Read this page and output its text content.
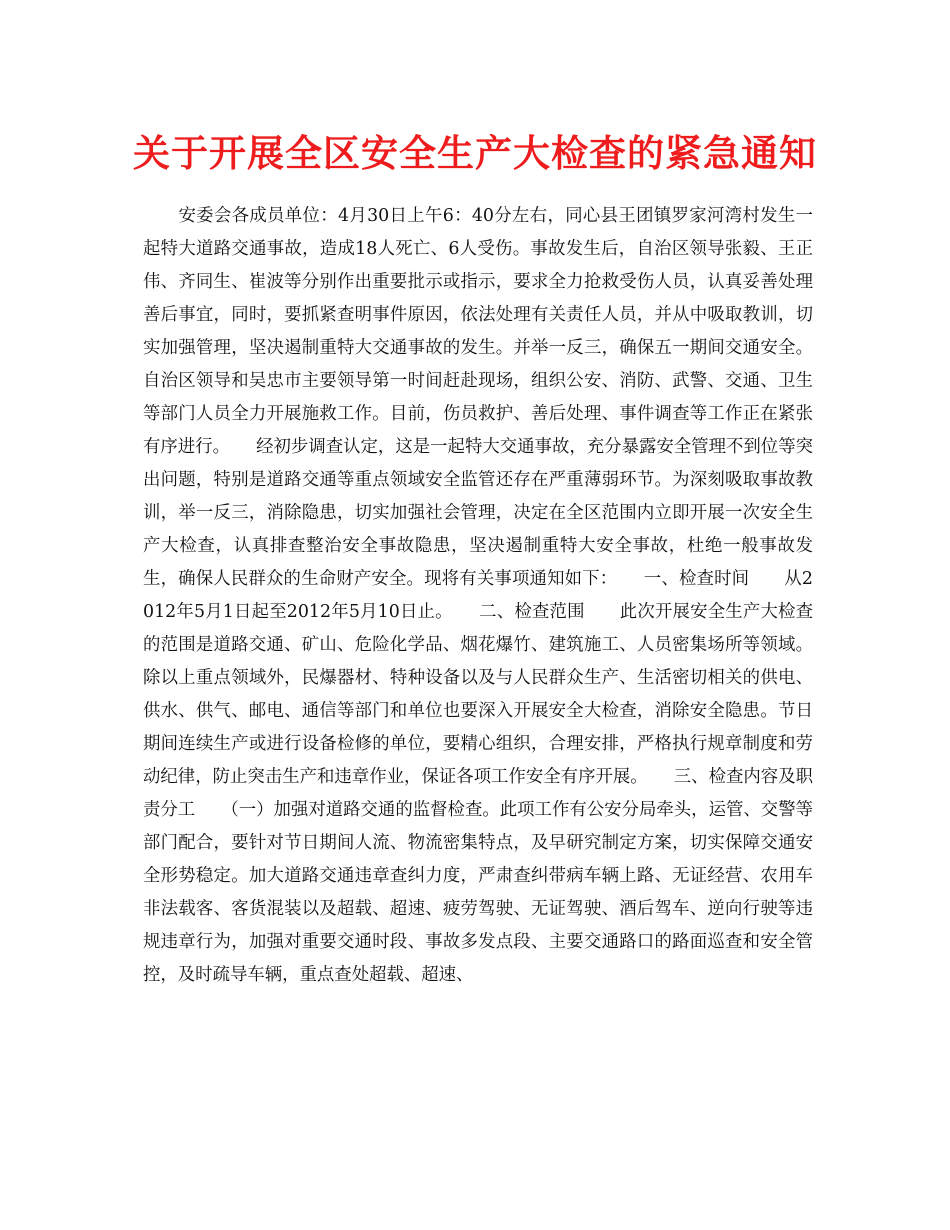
关于开展全区安全生产大检查的紧急通知

　　安委会各成员单位：4月30日上午6：40分左右，同心县王团镇罗家河湾村发生一起特大道路交通事故，造成18人死亡、6人受伤。事故发生后，自治区领导张毅、王正伟、齐同生、崔波等分别作出重要批示或指示，要求全力抢救受伤人员，认真妥善处理善后事宜，同时，要抓紧查明事件原因，依法处理有关责任人员，并从中吸取教训，切实加强管理，坚决遏制重特大交通事故的发生。并举一反三，确保五一期间交通安全。自治区领导和吴忠市主要领导第一时间赶赴现场，组织公安、消防、武警、交通、卫生等部门人员全力开展施救工作。目前，伤员救护、善后处理、事件调查等工作正在紧张有序进行。　　经初步调查认定，这是一起特大交通事故，充分暴露安全管理不到位等突出问题，特别是道路交通等重点领域安全监管还存在严重薄弱环节。为深刻吸取事故教训，举一反三，消除隐患，切实加强社会管理，决定在全区范围内立即开展一次安全生产大检查，认真排查整治安全事故隐患，坚决遏制重特大安全事故，杜绝一般事故发生，确保人民群众的生命财产安全。现将有关事项通知如下：　　一、检查时间　　从2012年5月1日起至2012年5月10日止。　　二、检查范围　　此次开展安全生产大检查的范围是道路交通、矿山、危险化学品、烟花爆竹、建筑施工、人员密集场所等领域。除以上重点领域外，民爆器材、特种设备以及与人民群众生产、生活密切相关的供电、供水、供气、邮电、通信等部门和单位也要深入开展安全大检查，消除安全隐患。节日期间连续生产或进行设备检修的单位，要精心组织，合理安排，严格执行规章制度和劳动纪律，防止突击生产和违章作业，保证各项工作安全有序开展。　　三、检查内容及职责分工　　（一）加强对道路交通的监督检查。此项工作有公安分局牵头，运管、交警等部门配合，要针对节日期间人流、物流密集特点，及早研究制定方案，切实保障交通安全形势稳定。加大道路交通违章查纠力度，严肃查纠带病车辆上路、无证经营、农用车非法载客、客货混装以及超载、超速、疲劳驾驶、无证驾驶、酒后驾车、逆向行驶等违规违章行为，加强对重要交通时段、事故多发点段、主要交通路口的路面巡查和安全管控，及时疏导车辆，重点查处超载、超速、
